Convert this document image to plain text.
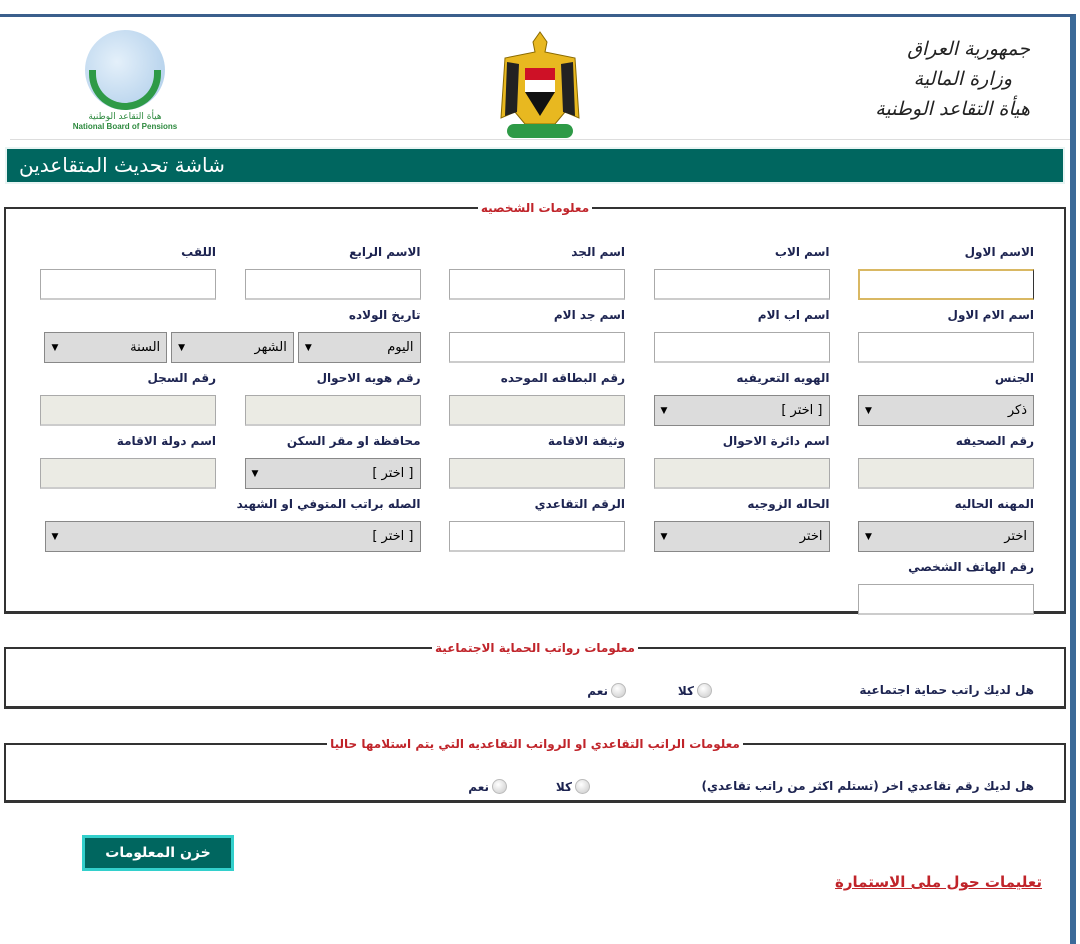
هيأة التقاعد الوطنية
National Board of Pensions
جمهورية العراق
وزارة المالية
هيأة التقاعد الوطنية
شاشة تحديث المتقاعدين
معلومات الشخصيه
الاسم الاول
اسم الاب
اسم الجد
الاسم الرابع
اللقب
اسم الام الاول
اسم اب الام
اسم جد الام
تاريخ الولاده
اليوم
▼
الشهر
▼
السنة
▼
الجنس
ذكر
▼
الهويه التعريفيه
[ اختر ]
▼
رقم البطاقه الموحده
رقم هويه الاحوال
رقم السجل
رقم الصحيفه
اسم دائرة الاحوال
وثيقة الاقامة
محافظة او مقر السكن
[ اختر ]
▼
اسم دولة الاقامة
المهنه الحاليه
اختر
▼
الحاله الزوجيه
اختر
▼
الرقم التقاعدي
الصله براتب المتوفي او الشهيد
[ اختر ]
▼
رقم الهاتف الشخصي
معلومات رواتب الحماية الاجتماعية
هل لديك راتب حماية اجتماعية
كلا
نعم
معلومات الراتب التقاعدي او الرواتب التقاعديه التي يتم استلامها حاليا
هل لديك رقم تقاعدي اخر (تستلم اكثر من راتب تقاعدي)
كلا
نعم
خزن المعلومات
تعليمات حول ملى الاستمارة
